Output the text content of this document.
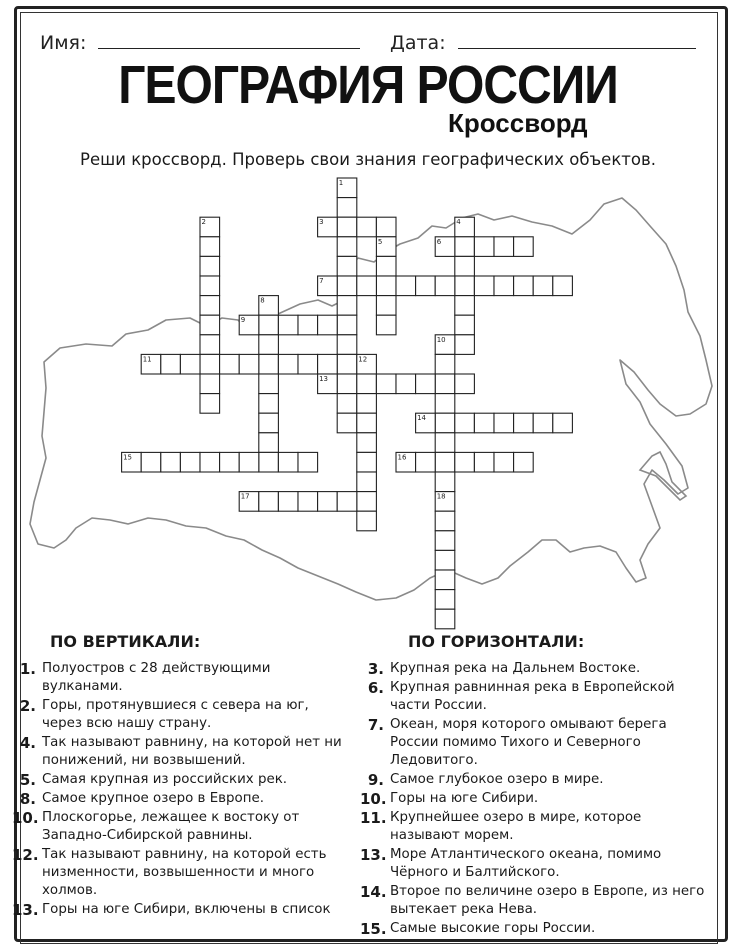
Имя:	Дата:
ГЕОГРАФИЯ РОССИИ
Кроссворд
Реши кроссворд. Проверь свои знания географических объектов.
1
2	3	4
5	6
7
8
9
10
11	12
13
14
15	16
17	18
ПО ВЕРТИКАЛИ:	ПО ГОРИЗОНТАЛИ:
1. Полуостров с 28 действующими вулканами.
2. Горы, протянувшиеся с севера на юг, через всю нашу страну.
4. Так называют равнину, на которой нет ни понижений, ни возвышений.
5. Самая крупная из российских рек.
8. Самое крупное озеро в Европе.
10. Плоскогорье, лежащее к востоку от Западно-Сибирской равнины.
12. Так называют равнину, на которой есть низменности, возвышенности и много холмов.
13. Горы на юге Сибири, включены в список
3. Крупная река на Дальнем Востоке.
6. Крупная равнинная река в Европейской части России.
7. Океан, моря которого омывают берега России помимо Тихого и Северного Ледовитого.
9. Самое глубокое озеро в мире.
10. Горы на юге Сибири.
11. Крупнейшее озеро в мире, которое называют морем.
13. Море Атлантического океана, помимо Чёрного и Балтийского.
14. Второе по величине озеро в Европе, из него вытекает река Нева.
15. Самые высокие горы России.
